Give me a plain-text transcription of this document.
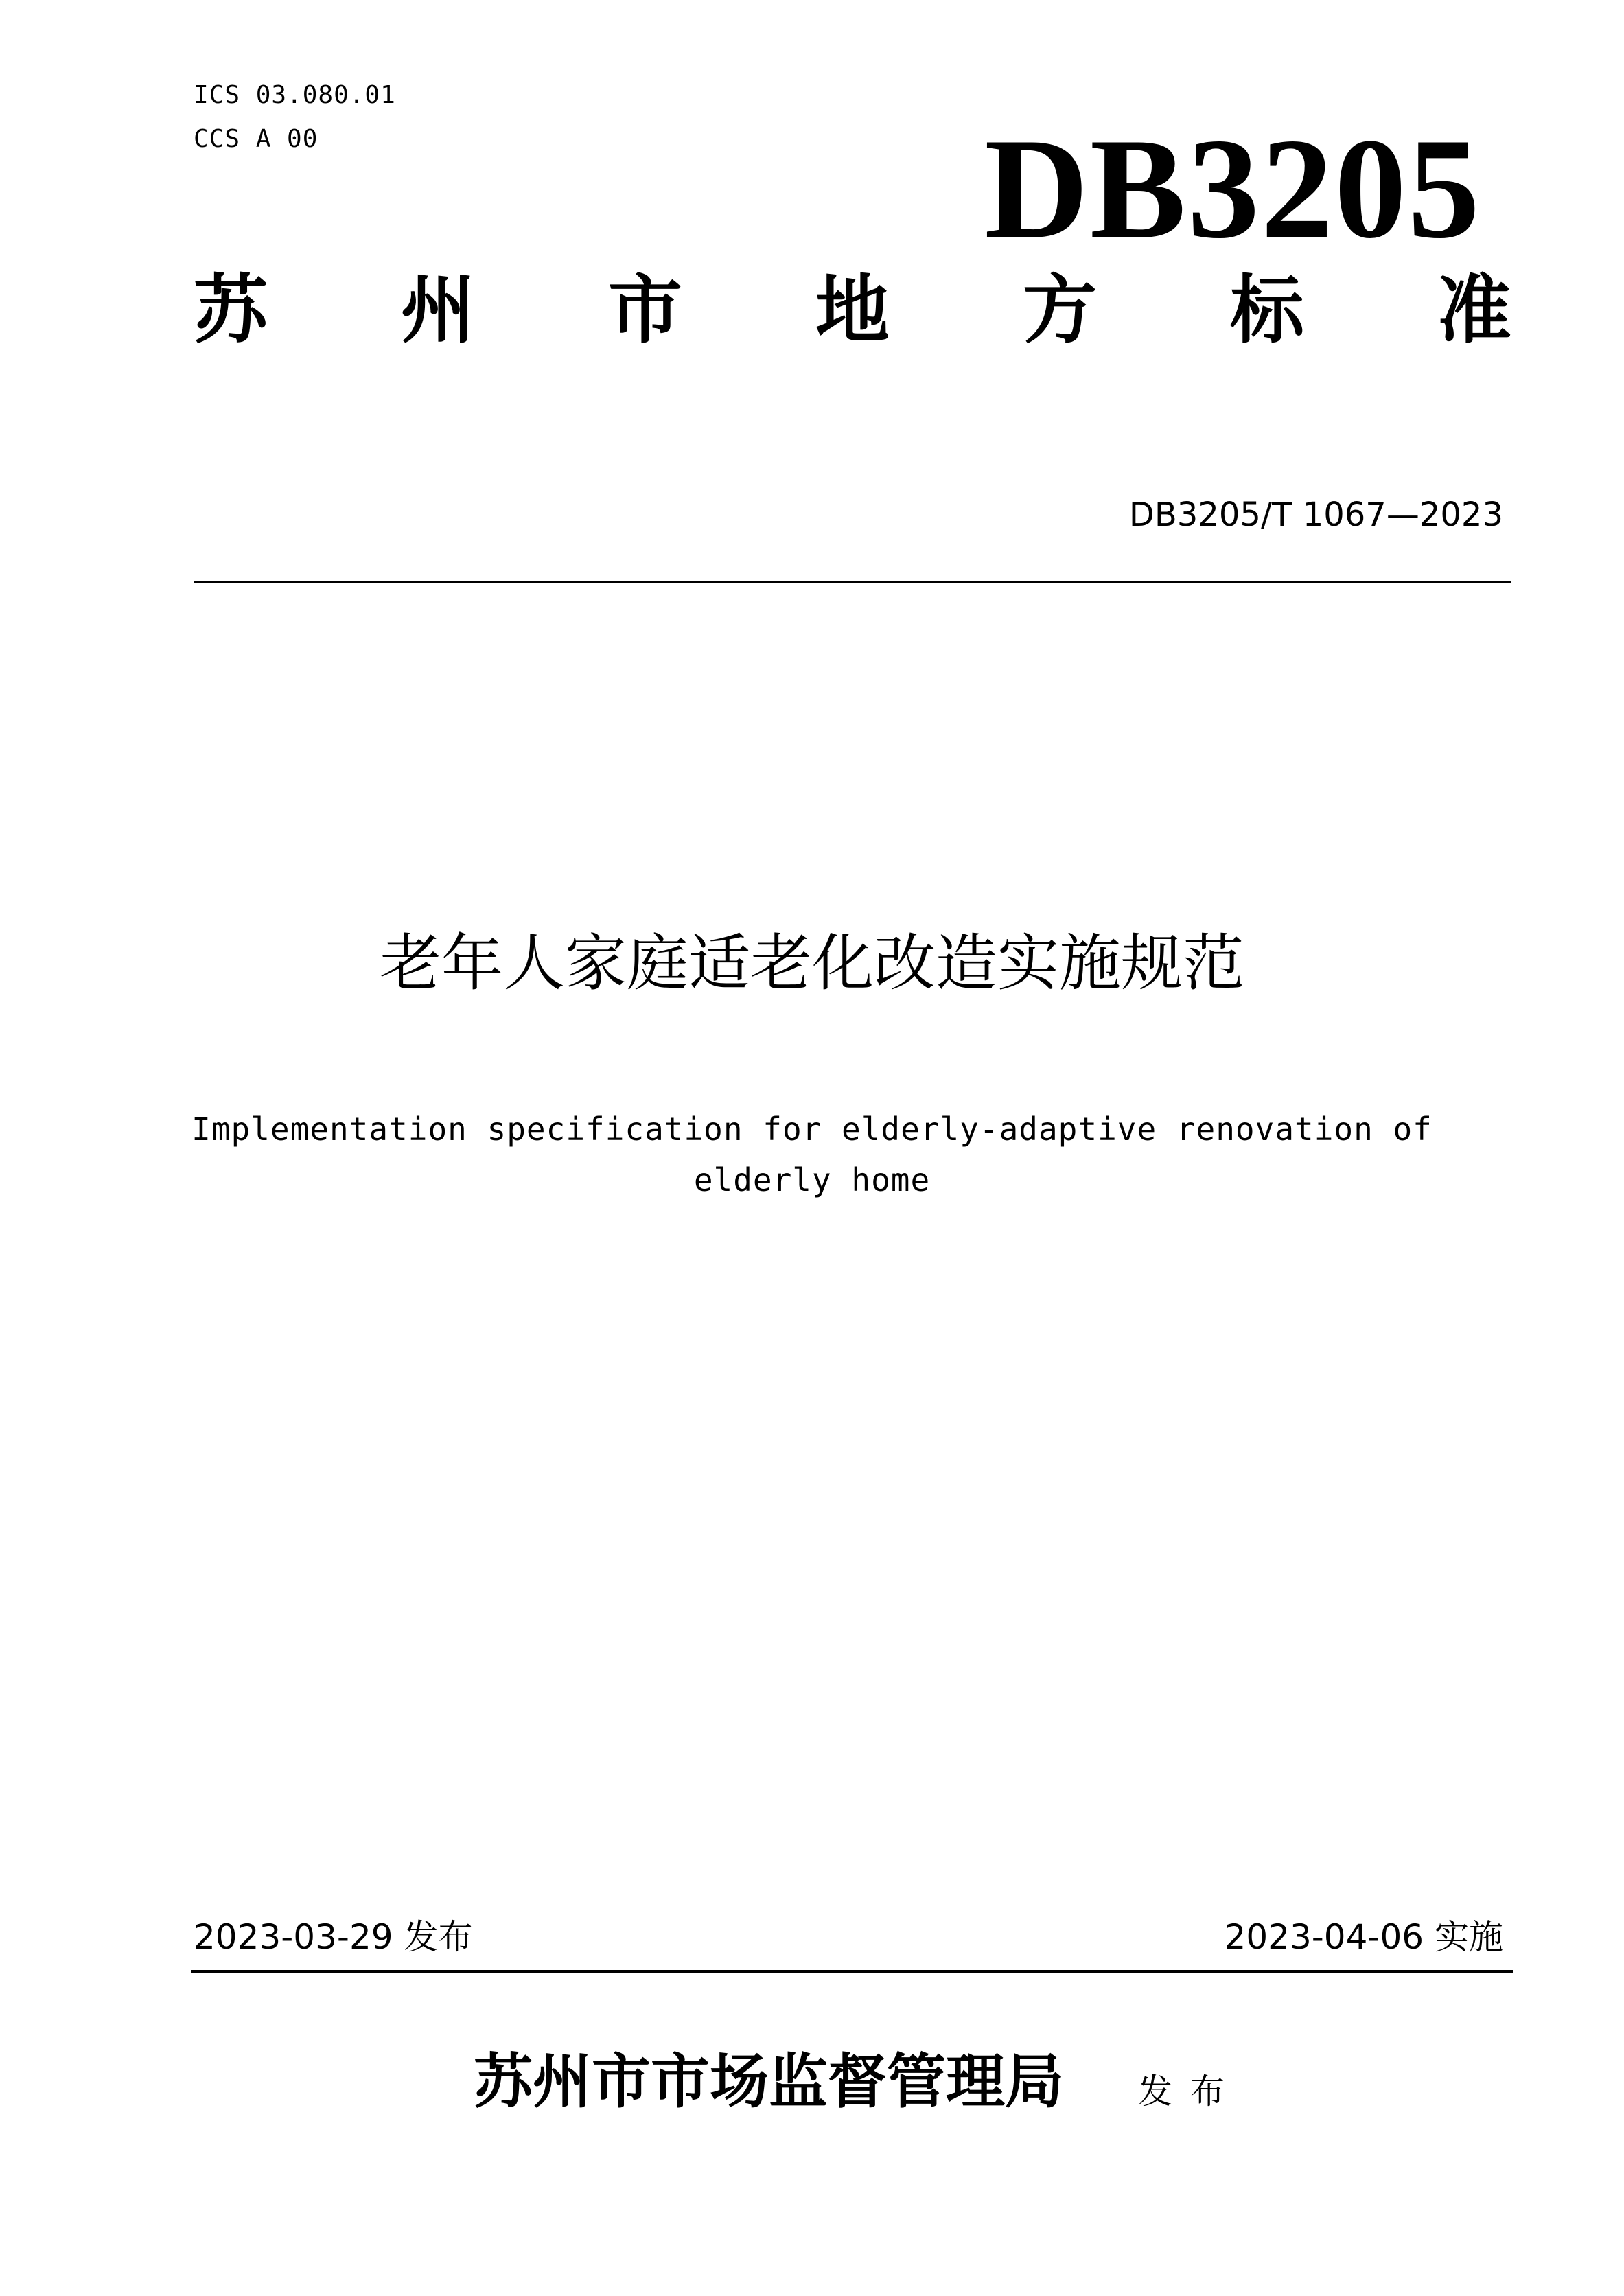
ICS 03.080.01
CCS A 00	DB3205
苏 州 市 地 方 标 准
DB3205/T 1067—2023
老年人家庭适老化改造实施规范
Implementation specification for elderly-adaptive renovation of
elderly home
2023-03-29 发布	2023-04-06 实施
苏州市市场监督管理局 发布
